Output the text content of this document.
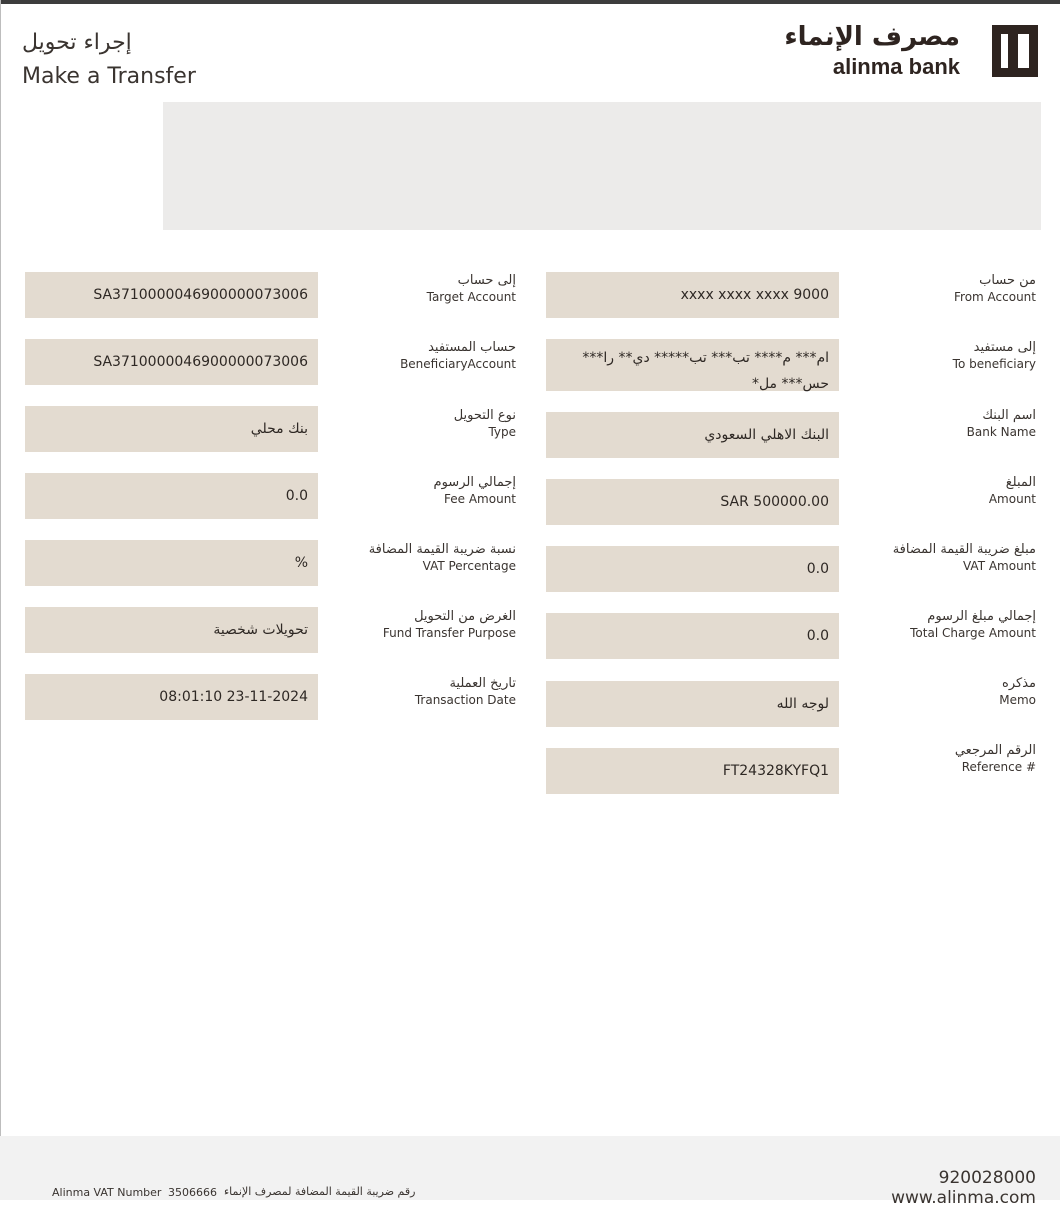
إجراء تحويل
Make a Transfer
مصرف الإنماء
alinma bank
من حساب
From Account
إلى مستفيد
To beneficiary
اسم البنك
Bank Name
المبلغ
Amount
مبلغ ضريبة القيمة المضافة
VAT Amount
إجمالي مبلغ الرسوم
Total Charge Amount
مذكره
Memo
الرقم المرجعي
Reference #
xxxx xxxx xxxx 9000
ام*** م**** تب*** تب***** دي** را*** حس*** مل*
البنك الاهلي السعودي
SAR 500000.00
0.0
0.0
لوجه الله
FT24328KYFQ1
إلى حساب
Target Account
حساب المستفيد
BeneficiaryAccount
نوع التحويل
Type
إجمالي الرسوم
Fee Amount
نسبة ضريبة القيمة المضافة
VAT Percentage
الغرض من التحويل
Fund Transfer Purpose
تاريخ العملية
Transaction Date
SA3710000046900000073006
SA3710000046900000073006
بنك محلي
0.0
%
تحويلات شخصية
08:01:10 23-11-2024
Alinma VAT Number 3506666 رقم ضريبة القيمة المضافة لمصرف الإنماء
920028000
www.alinma.com
